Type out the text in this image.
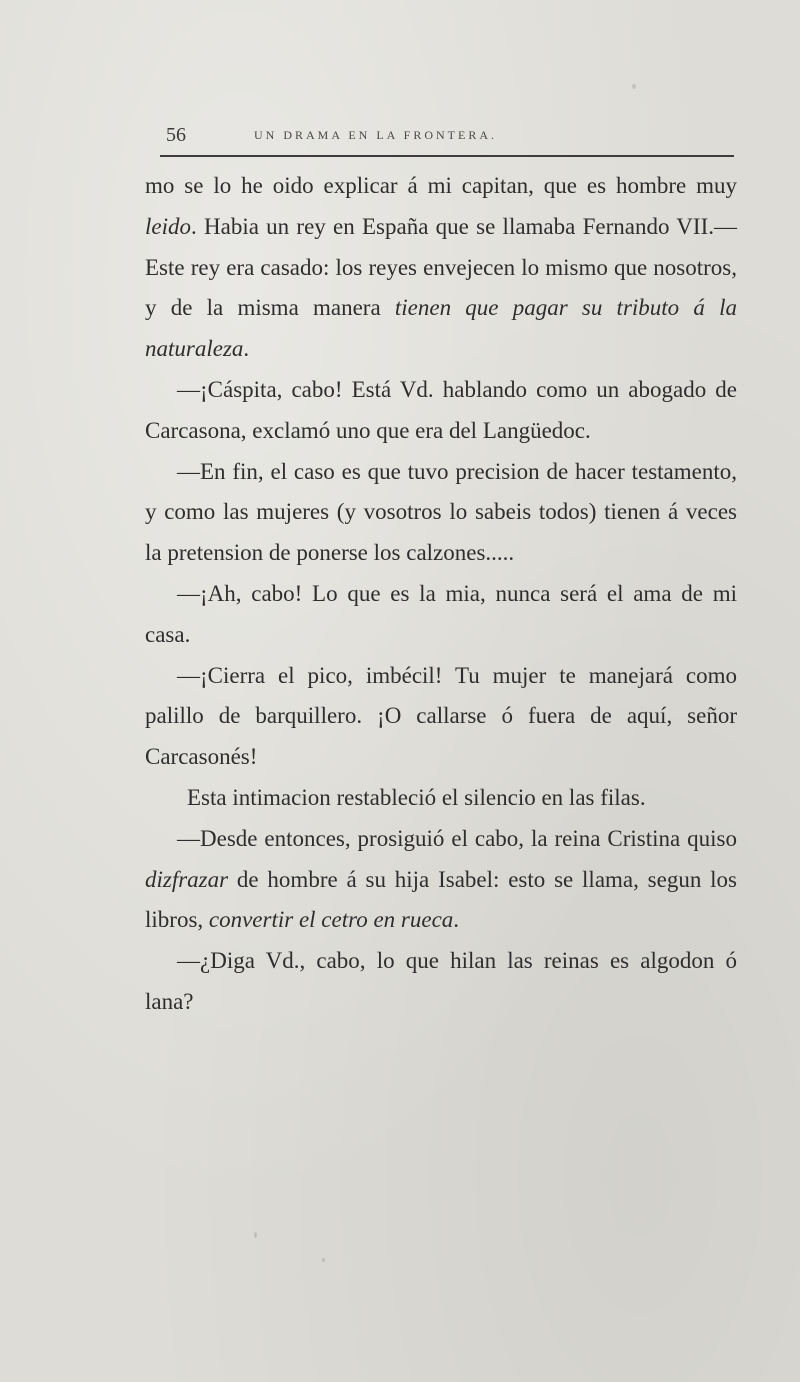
56	UN DRAMA EN LA FRONTERA.

mo se lo he oido explicar á mi capitan, que es hombre muy leido. Habia un rey en España que se llamaba Fernando VII.—Este rey era casado: los reyes envejecen lo mismo que nosotros, y de la misma manera tienen que pagar su tributo á la naturaleza.

—¡Cáspita, cabo! Está Vd. hablando como un abogado de Carcasona, exclamó uno que era del Langüedoc.

—En fin, el caso es que tuvo precision de hacer testamento, y como las mujeres (y vosotros lo sabeis todos) tienen á veces la pretension de ponerse los calzones.....

—¡Ah, cabo! Lo que es la mia, nunca será el ama de mi casa.

—¡Cierra el pico, imbécil! Tu mujer te manejará como palillo de barquillero. ¡O callarse ó fuera de aquí, señor Carcasonés!

Esta intimacion restableció el silencio en las filas.

—Desde entonces, prosiguió el cabo, la reina Cristina quiso dizfrazar de hombre á su hija Isabel: esto se llama, segun los libros, convertir el cetro en rueca.

—¿Diga Vd., cabo, lo que hilan las reinas es algodon ó lana?
